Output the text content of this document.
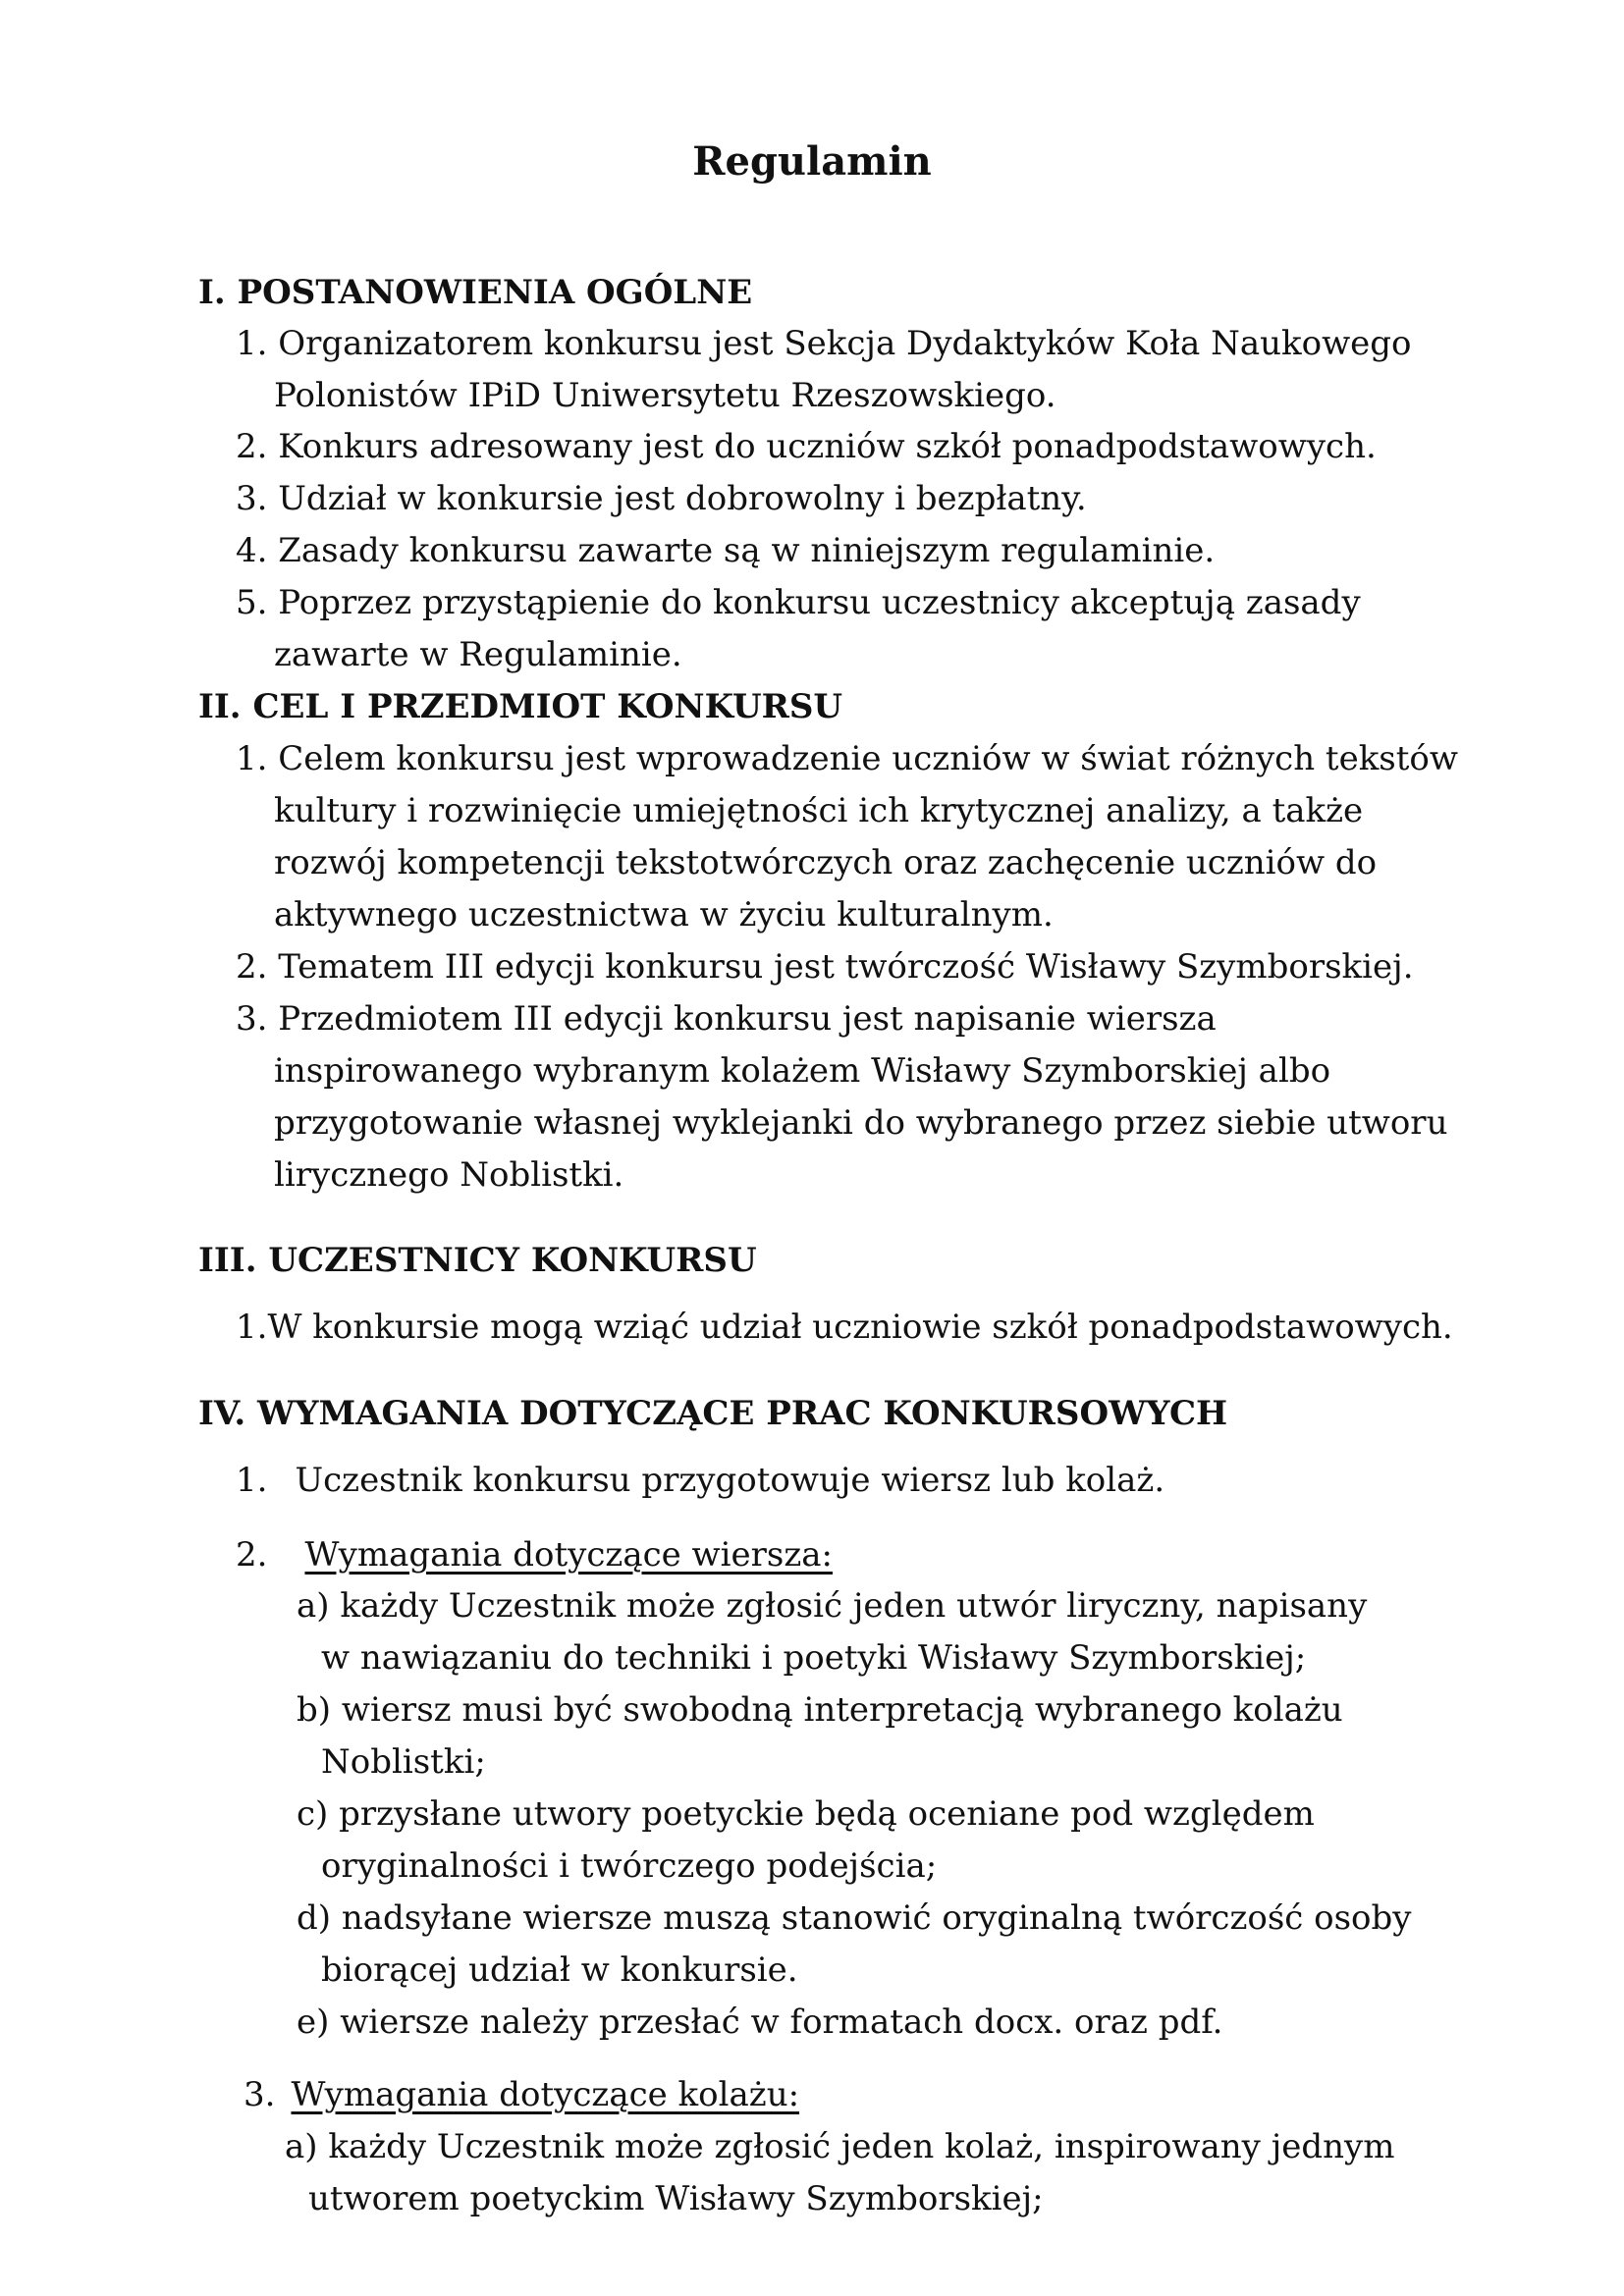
Regulamin
I. POSTANOWIENIA OGÓLNE
1. Organizatorem konkursu jest Sekcja Dydaktyków Koła Naukowego
Polonistów IPiD Uniwersytetu Rzeszowskiego.
2. Konkurs adresowany jest do uczniów szkół ponadpodstawowych.
3. Udział w konkursie jest dobrowolny i bezpłatny.
4. Zasady konkursu zawarte są w niniejszym regulaminie.
5. Poprzez przystąpienie do konkursu uczestnicy akceptują zasady
zawarte w Regulaminie.
II. CEL I PRZEDMIOT KONKURSU
1. Celem konkursu jest wprowadzenie uczniów w świat różnych tekstów
kultury i rozwinięcie umiejętności ich krytycznej analizy, a także
rozwój kompetencji tekstotwórczych oraz zachęcenie uczniów do
aktywnego uczestnictwa w życiu kulturalnym.
2. Tematem III edycji konkursu jest twórczość Wisławy Szymborskiej.
3. Przedmiotem III edycji konkursu jest napisanie wiersza
inspirowanego wybranym kolażem Wisławy Szymborskiej albo
przygotowanie własnej wyklejanki do wybranego przez siebie utworu
lirycznego Noblistki.
III. UCZESTNICY KONKURSU
1.W konkursie mogą wziąć udział uczniowie szkół ponadpodstawowych.
IV. WYMAGANIA DOTYCZĄCE PRAC KONKURSOWYCH
1. Uczestnik konkursu przygotowuje wiersz lub kolaż.
2. Wymagania dotyczące wiersza:
a) każdy Uczestnik może zgłosić jeden utwór liryczny, napisany
w nawiązaniu do techniki i poetyki Wisławy Szymborskiej;
b) wiersz musi być swobodną interpretacją wybranego kolażu
Noblistki;
c) przysłane utwory poetyckie będą oceniane pod względem
oryginalności i twórczego podejścia;
d) nadsyłane wiersze muszą stanowić oryginalną twórczość osoby
biorącej udział w konkursie.
e) wiersze należy przesłać w formatach docx. oraz pdf.
3. Wymagania dotyczące kolażu:
a) każdy Uczestnik może zgłosić jeden kolaż, inspirowany jednym
utworem poetyckim Wisławy Szymborskiej;
